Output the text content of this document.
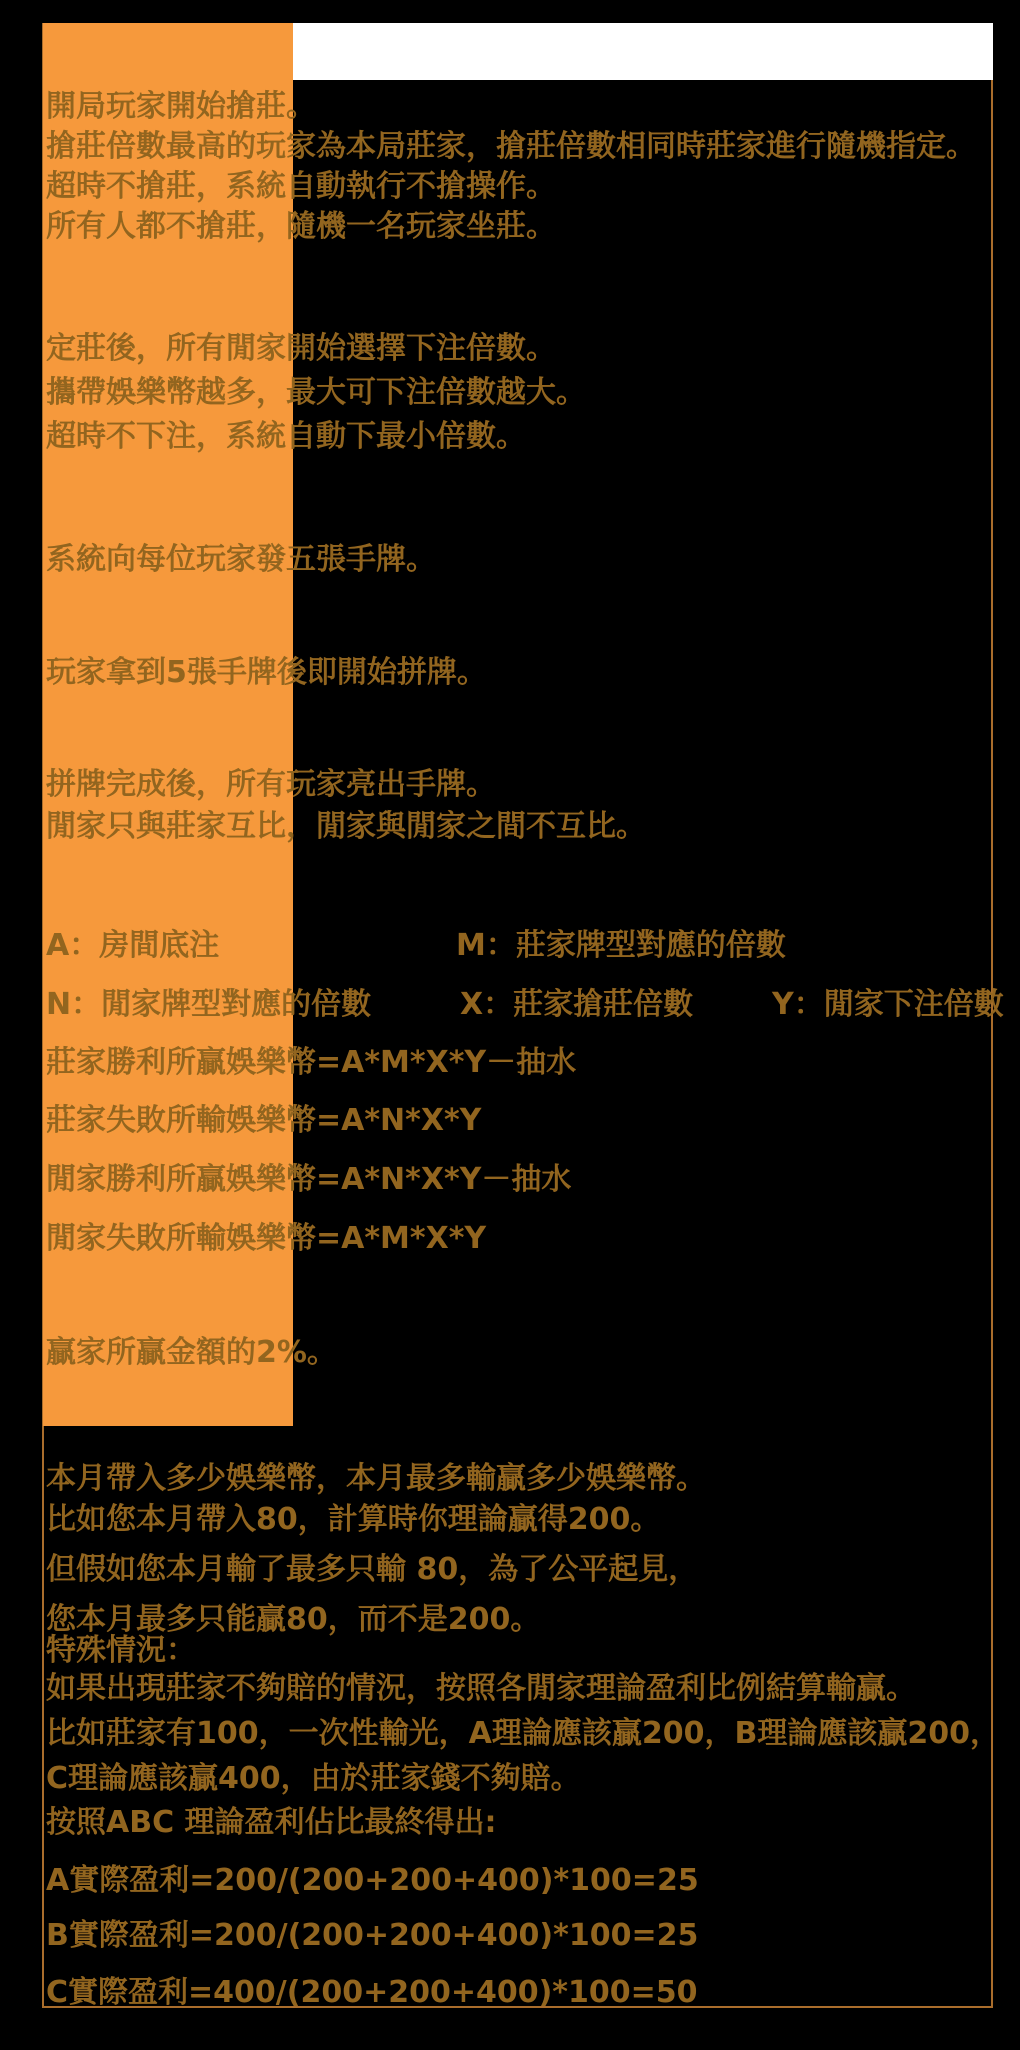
開局玩家開始搶莊。
搶莊倍數最高的玩家為本局莊家，搶莊倍數相同時莊家進行隨機指定。
超時不搶莊，系統自動執行不搶操作。
所有人都不搶莊，隨機一名玩家坐莊。
定莊後，所有閒家開始選擇下注倍數。
攜帶娛樂幣越多，最大可下注倍數越大。
超時不下注，系統自動下最小倍數。
系統向每位玩家發五張手牌。
玩家拿到5張手牌後即開始拼牌。
拼牌完成後，所有玩家亮出手牌。
閒家只與莊家互比，閒家與閒家之間不互比。
A：房間底注	M：莊家牌型對應的倍數
N：閒家牌型對應的倍數	X：莊家搶莊倍數	Y：閒家下注倍數
莊家勝利所贏娛樂幣=A*M*X*Y－抽水
莊家失敗所輸娛樂幣=A*N*X*Y
閒家勝利所贏娛樂幣=A*N*X*Y－抽水
閒家失敗所輸娛樂幣=A*M*X*Y
贏家所贏金額的2%。
本月帶入多少娛樂幣，本月最多輸贏多少娛樂幣。
比如您本月帶入80，計算時你理論贏得200。
但假如您本月輸了最多只輸 80，為了公平起見，
您本月最多只能贏80，而不是200。
特殊情況：
如果出現莊家不夠賠的情況，按照各閒家理論盈利比例結算輸贏。
比如莊家有100，一次性輸光，A理論應該贏200，B理論應該贏200，
C理論應該贏400，由於莊家錢不夠賠。
按照ABC 理論盈利佔比最終得出:
A實際盈利=200/(200+200+400)*100=25
B實際盈利=200/(200+200+400)*100=25
C實際盈利=400/(200+200+400)*100=50
